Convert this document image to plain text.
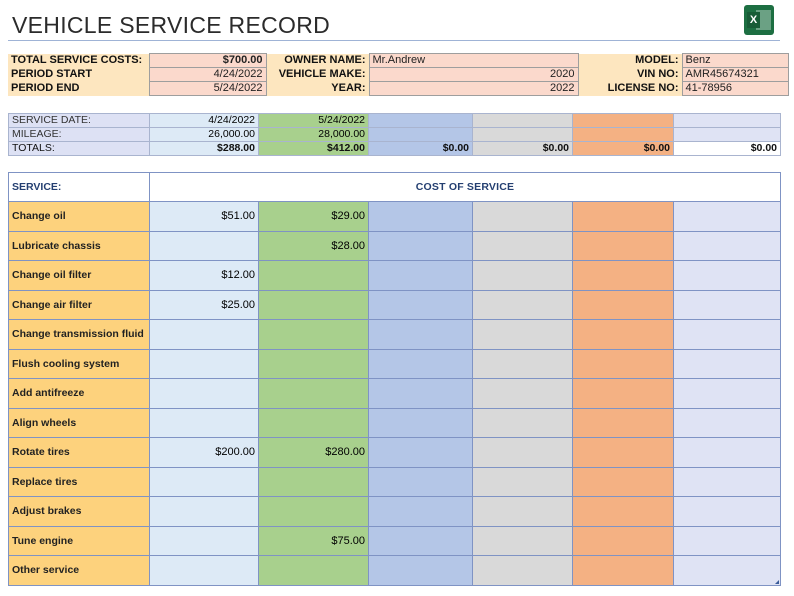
VEHICLE SERVICE RECORD	X
TOTAL SERVICE COSTS:	$700.00	OWNER NAME:	Mr.Andrew	MODEL:	Benz
PERIOD START	4/24/2022	VEHICLE MAKE:	2020	VIN NO:	AMR45674321
PERIOD END	5/24/2022	YEAR:	2022	LICENSE NO:	41-78956
SERVICE DATE:	4/24/2022	5/24/2022				
MILEAGE:	26,000.00	28,000.00				
TOTALS:	$288.00	$412.00	$0.00	$0.00	$0.00	$0.00
SERVICE:	COST OF SERVICE					
Change oil	$51.00	$29.00				
Lubricate chassis		$28.00				
Change oil filter	$12.00					
Change air filter	$25.00					
Change transmission fluid						
Flush cooling system						
Add antifreeze						
Align wheels						
Rotate tires	$200.00	$280.00				
Replace tires						
Adjust brakes						
Tune engine		$75.00				
Other service						
